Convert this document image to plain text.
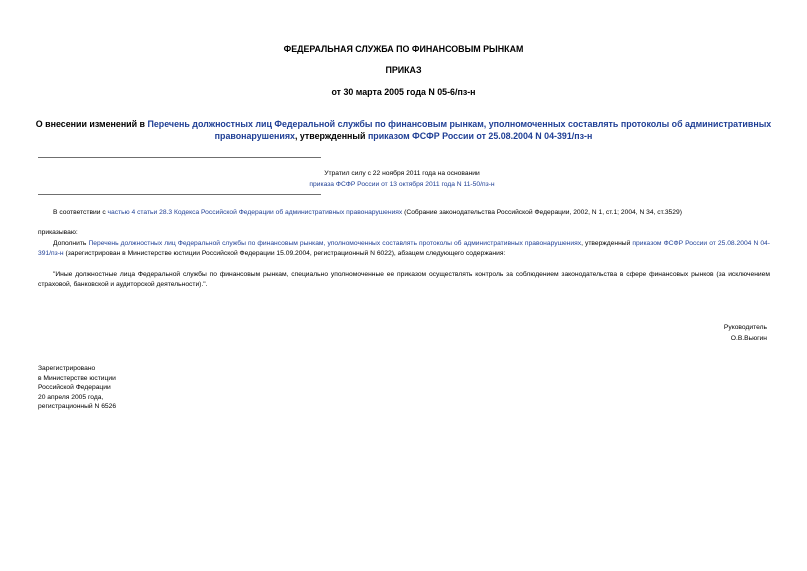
ФЕДЕРАЛЬНАЯ СЛУЖБА ПО ФИНАНСОВЫМ РЫНКАМ
ПРИКАЗ
от 30 марта 2005 года N 05-6/пз-н
О внесении изменений в Перечень должностных лиц Федеральной службы по финансовым рынкам, уполномоченных составлять протоколы об административных правонарушениях, утвержденный приказом ФСФР России от 25.08.2004 N 04-391/пз-н
Утратил силу с 22 ноября 2011 года на основании
приказа ФСФР России от 13 октября 2011 года N 11-50/пз-н
В соответствии с частью 4 статьи 28.3 Кодекса Российской Федерации об административных правонарушениях (Собрание законодательства Российской Федерации, 2002, N 1, ст.1; 2004, N 34, ст.3529)
приказываю:
Дополнить Перечень должностных лиц Федеральной службы по финансовым рынкам, уполномоченных составлять протоколы об административных правонарушениях, утвержденный приказом ФСФР России от 25.08.2004 N 04-391/пз-н (зарегистрирован в Министерстве юстиции Российской Федерации 15.09.2004, регистрационный N 6022), абзацем следующего содержания:
"Иные должностные лица Федеральной службы по финансовым рынкам, специально уполномоченные ее приказом осуществлять контроль за соблюдением законодательства в сфере финансовых рынков (за исключением страховой, банковской и аудиторской деятельности).".
Руководитель
О.В.Вьюгин
Зарегистрировано
в Министерстве юстиции
Российской Федерации
20 апреля 2005 года,
регистрационный N 6526
